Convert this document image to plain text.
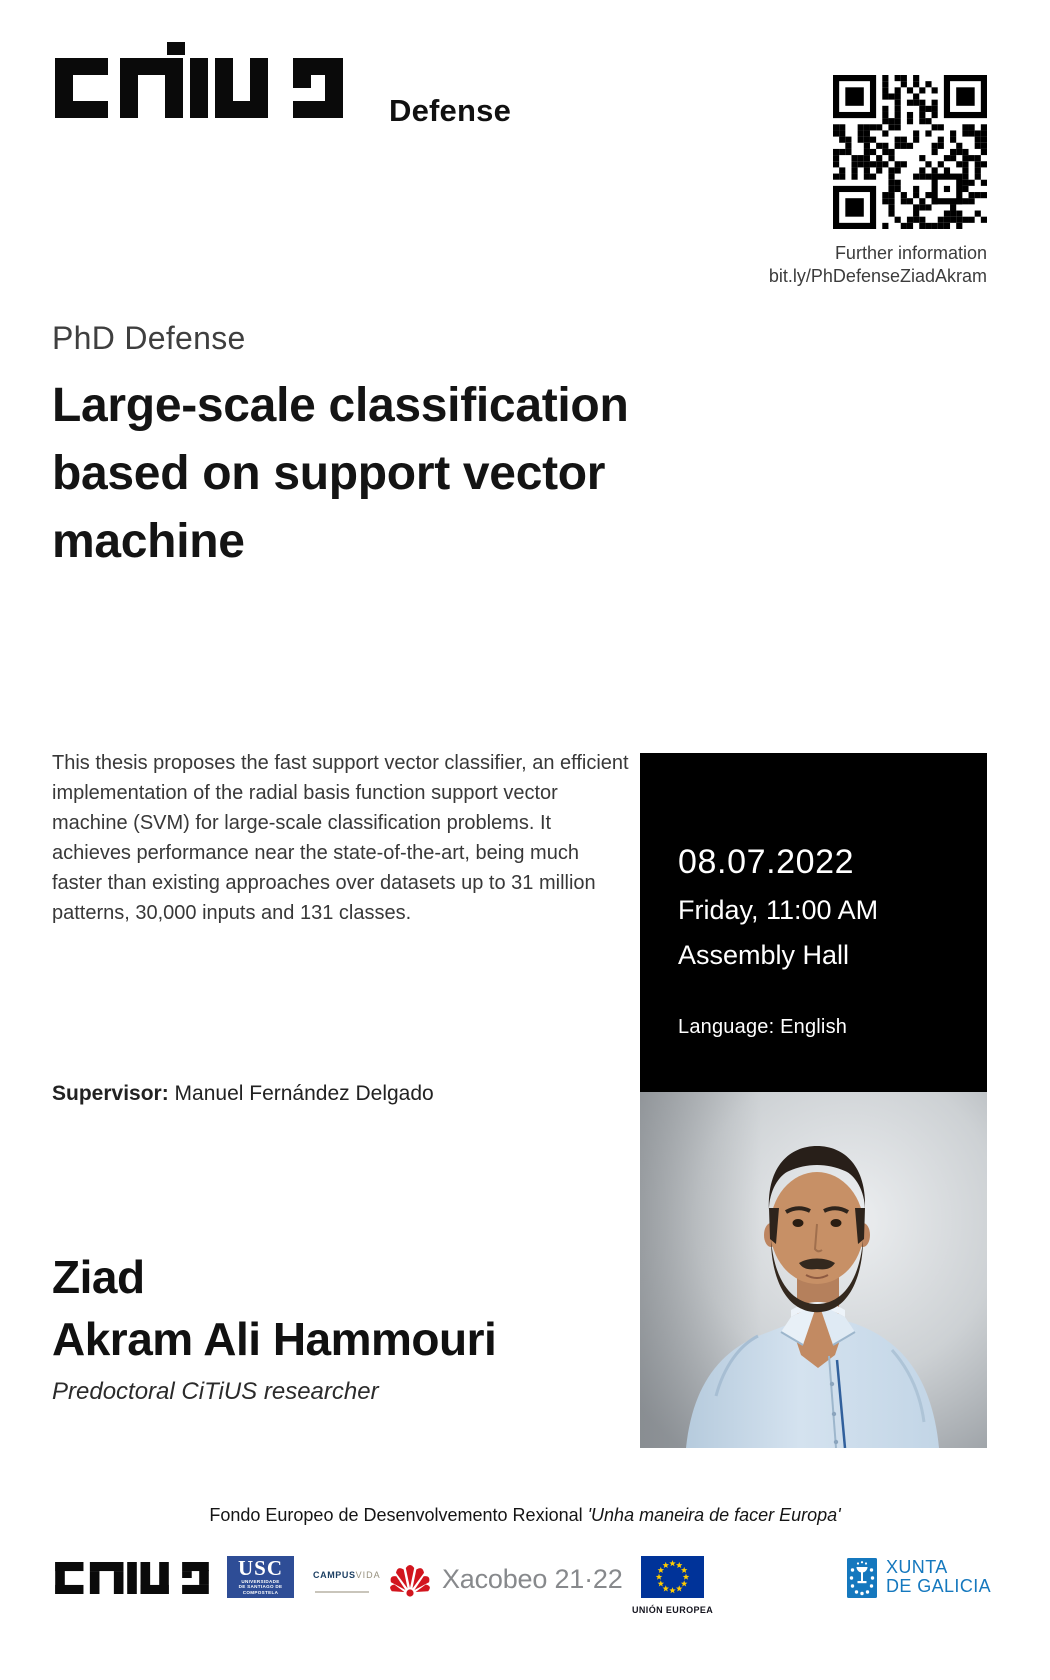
Defense
Further information
bit.ly/PhDefenseZiadAkram
PhD Defense
Large-scale classification
based on support vector
machine
This thesis proposes the fast support vector classifier, an efficient implementation of the radial basis function support vector machine (SVM) for large-scale classification problems. It achieves performance near the state-of-the-art, being much faster than existing approaches over datasets up to 31 million patterns, 30,000 inputs and 131 classes.
08.07.2022
Friday, 11:00 AM
Assembly Hall
Language: English
Supervisor: Manuel Fernández Delgado
Ziad
Akram Ali Hammouri
Predoctoral CiTiUS researcher
Fondo Europeo de Desenvolvemento Rexional 'Unha maneira de facer Europa'
USC
UNIVERSIDADE DE SANTIAGO DE COMPOSTELA
CAMPUS VIDA Xacobeo 21·22
UNIÓN EUROPEA
XUNTA
DE GALICIA
